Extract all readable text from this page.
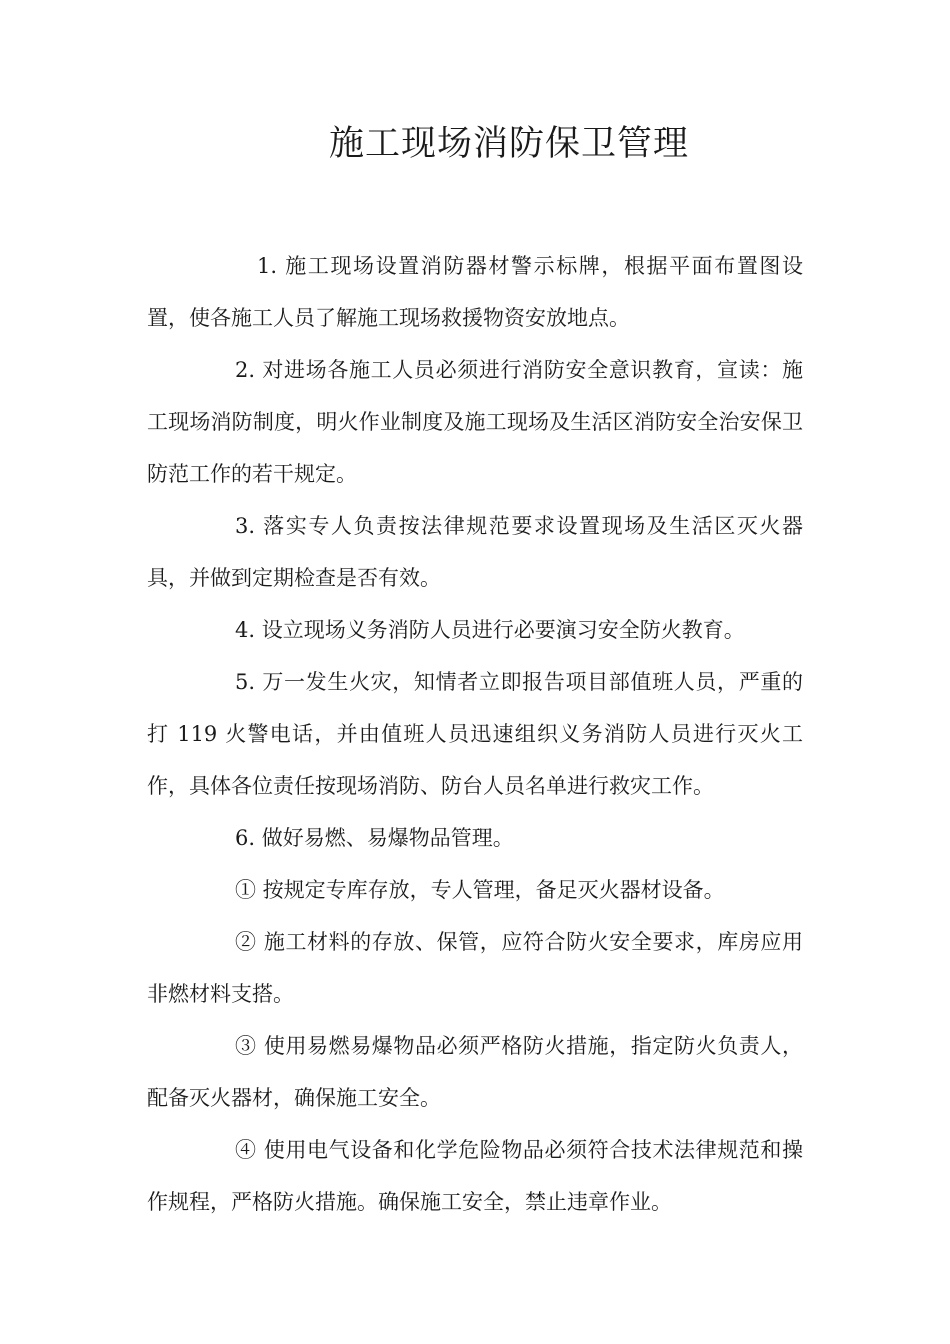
施工现场消防保卫管理

1. 施工现场设置消防器材警示标牌，根据平面布置图设置，使各施工人员了解施工现场救援物资安放地点。

2. 对进场各施工人员必须进行消防安全意识教育，宣读：施工现场消防制度，明火作业制度及施工现场及生活区消防安全治安保卫防范工作的若干规定。

3. 落实专人负责按法律规范要求设置现场及生活区灭火器具，并做到定期检查是否有效。

4. 设立现场义务消防人员进行必要演习安全防火教育。

5. 万一发生火灾，知情者立即报告项目部值班人员，严重的打 119 火警电话，并由值班人员迅速组织义务消防人员进行灭火工作，具体各位责任按现场消防、防台人员名单进行救灾工作。

6. 做好易燃、易爆物品管理。

① 按规定专库存放，专人管理，备足灭火器材设备。

② 施工材料的存放、保管，应符合防火安全要求，库房应用非燃材料支搭。

③ 使用易燃易爆物品必须严格防火措施，指定防火负责人，配备灭火器材，确保施工安全。

④ 使用电气设备和化学危险物品必须符合技术法律规范和操作规程，严格防火措施。确保施工安全，禁止违章作业。
